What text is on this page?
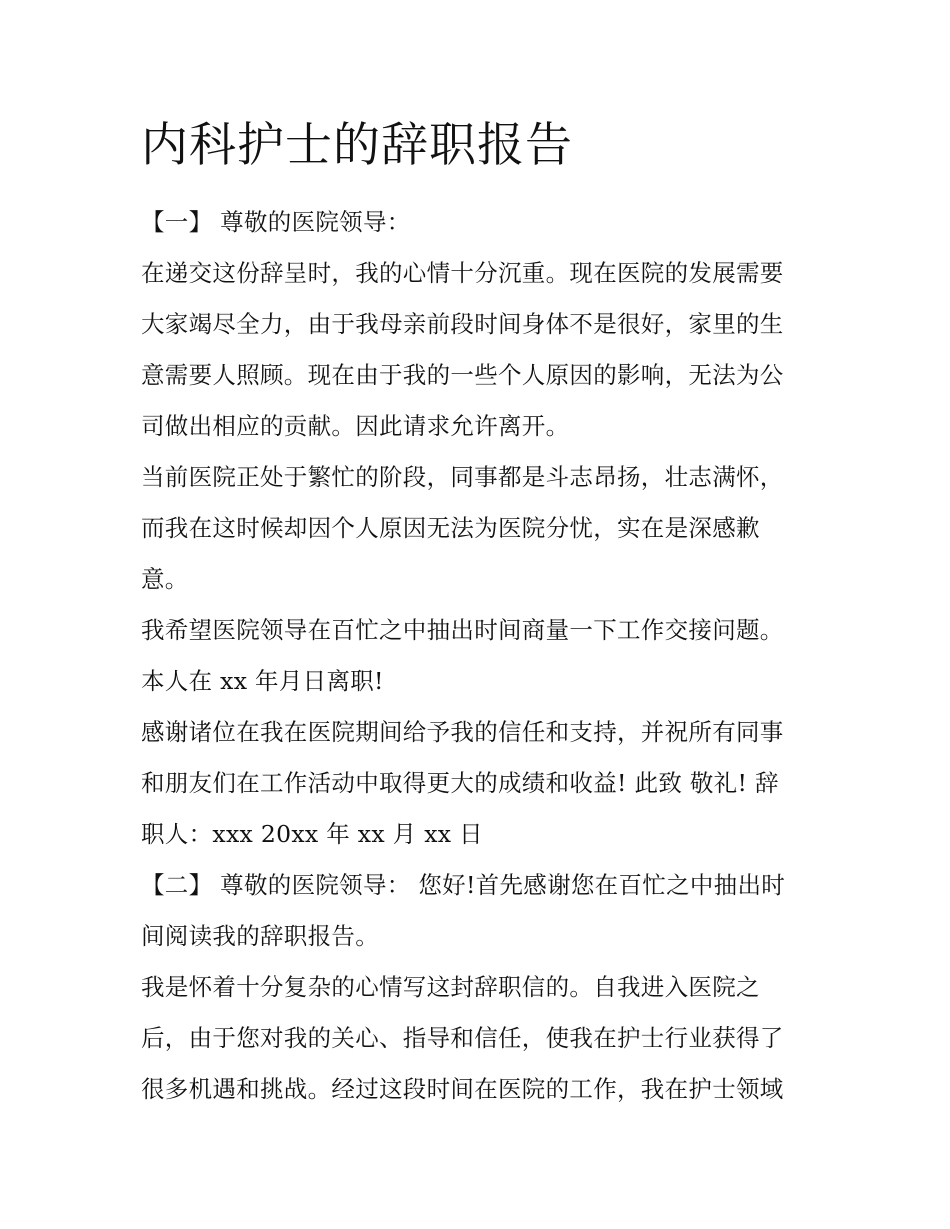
内科护士的辞职报告
【一】 尊敬的医院领导：
在递交这份辞呈时，我的心情十分沉重。现在医院的发展需要
大家竭尽全力，由于我母亲前段时间身体不是很好，家里的生
意需要人照顾。现在由于我的一些个人原因的影响，无法为公
司做出相应的贡献。因此请求允许离开。
当前医院正处于繁忙的阶段，同事都是斗志昂扬，壮志满怀，
而我在这时候却因个人原因无法为医院分忧，实在是深感歉
意。
我希望医院领导在百忙之中抽出时间商量一下工作交接问题。
本人在 xx 年月日离职!
感谢诸位在我在医院期间给予我的信任和支持，并祝所有同事
和朋友们在工作活动中取得更大的成绩和收益! 此致 敬礼! 辞
职人：xxx 20xx 年 xx 月 xx 日
【二】 尊敬的医院领导： 您好!首先感谢您在百忙之中抽出时
间阅读我的辞职报告。
我是怀着十分复杂的心情写这封辞职信的。自我进入医院之
后，由于您对我的关心、指导和信任，使我在护士行业获得了
很多机遇和挑战。经过这段时间在医院的工作，我在护士领域
